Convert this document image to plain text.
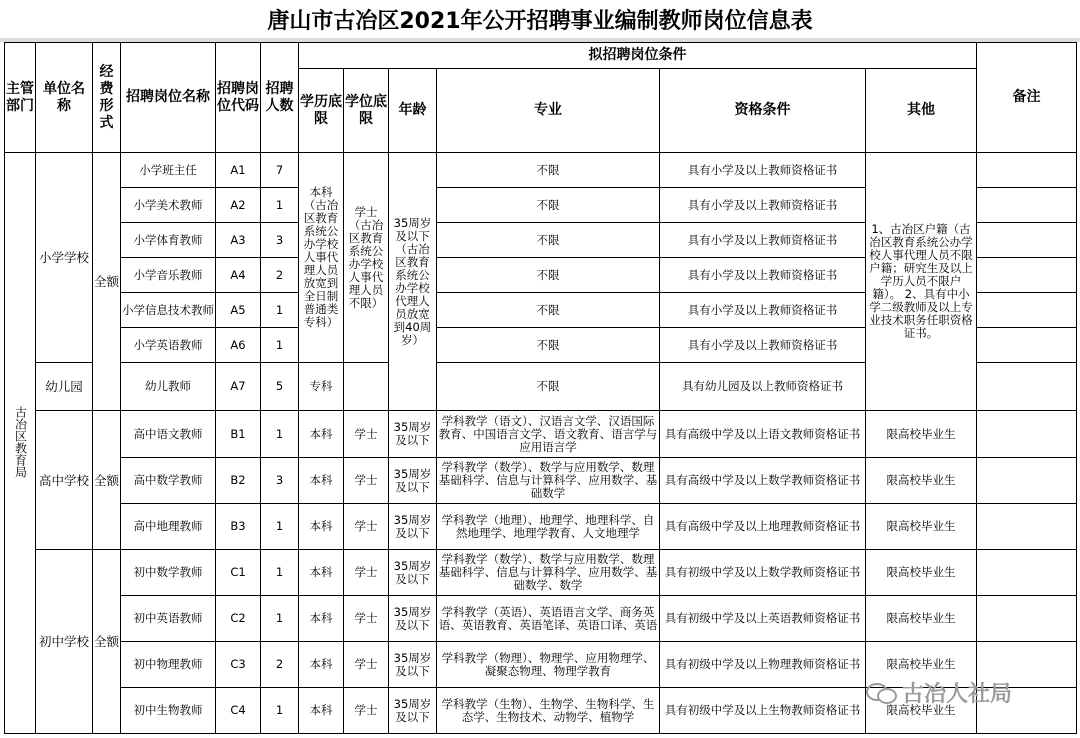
唐山市古冶区2021年公开招聘事业编制教师岗位信息表
主管部门	单位名称	经费形式	招聘岗位名称	招聘岗位代码	招聘人数	拟招聘岗位条件						备注
						学历底限	学位底限	年龄	专业	资格条件	其他	
古冶区教育局	小学学校	全额	小学班主任	A1	7	本科（古冶区教育系统公办学校人事代理人员放宽到全日制普通类专科）	学士（古冶区教育系统公办学校人事代理人员不限）	35周岁及以下（古冶区教育系统公办学校代理人员放宽到40周岁）	不限	具有小学及以上教师资格证书	1、古冶区户籍（古冶区教育系统公办学校人事代理人员不限户籍；研究生及以上学历人员不限户籍）。 2、具有中小学二级教师及以上专业技术职务任职资格证书。	
			小学美术教师	A2	1				不限	具有小学及以上教师资格证书		
			小学体育教师	A3	3				不限	具有小学及以上教师资格证书		
			小学音乐教师	A4	2				不限	具有小学及以上教师资格证书		
			小学信息技术教师	A5	1				不限	具有小学及以上教师资格证书		
			小学英语教师	A6	1				不限	具有小学及以上教师资格证书		
	幼儿园		幼儿教师	A7	5	专科			不限	具有幼儿园及以上教师资格证书		
	高中学校	全额	高中语文教师	B1	1	本科	学士	35周岁及以下	学科教学（语文）、汉语言文学、汉语国际教育、中国语言文学、语文教育、语言学与应用语言学	具有高级中学及以上语文教师资格证书	限高校毕业生	
			高中数学教师	B2	3	本科	学士	35周岁及以下	学科教学（数学）、数学与应用数学、数理基础科学、信息与计算科学、应用数学、基础数学	具有高级中学及以上数学教师资格证书	限高校毕业生	
			高中地理教师	B3	1	本科	学士	35周岁及以下	学科教学（地理）、地理学、地理科学、自然地理学、地理学教育、人文地理学	具有高级中学及以上地理教师资格证书	限高校毕业生	
	初中学校	全额	初中数学教师	C1	1	本科	学士	35周岁及以下	学科教学（数学）、数学与应用数学、数理基础科学、信息与计算科学、应用数学、基础数学、数学	具有初级中学及以上数学教师资格证书	限高校毕业生	
			初中英语教师	C2	1	本科	学士	35周岁及以下	学科教学（英语）、英语语言文学、商务英语、英语教育、英语笔译、英语口译、英语	具有初级中学及以上英语教师资格证书	限高校毕业生	
			初中物理教师	C3	2	本科	学士	35周岁及以下	学科教学（物理）、物理学、应用物理学、凝聚态物理、物理学教育	具有初级中学及以上物理教师资格证书	限高校毕业生	
			初中生物教师	C4	1	本科	学士	35周岁及以下	学科教学（生物）、生物学、生物科学、生态学、生物技术、动物学、植物学	具有初级中学及以上生物教师资格证书	限高校毕业生	
古冶人社局
